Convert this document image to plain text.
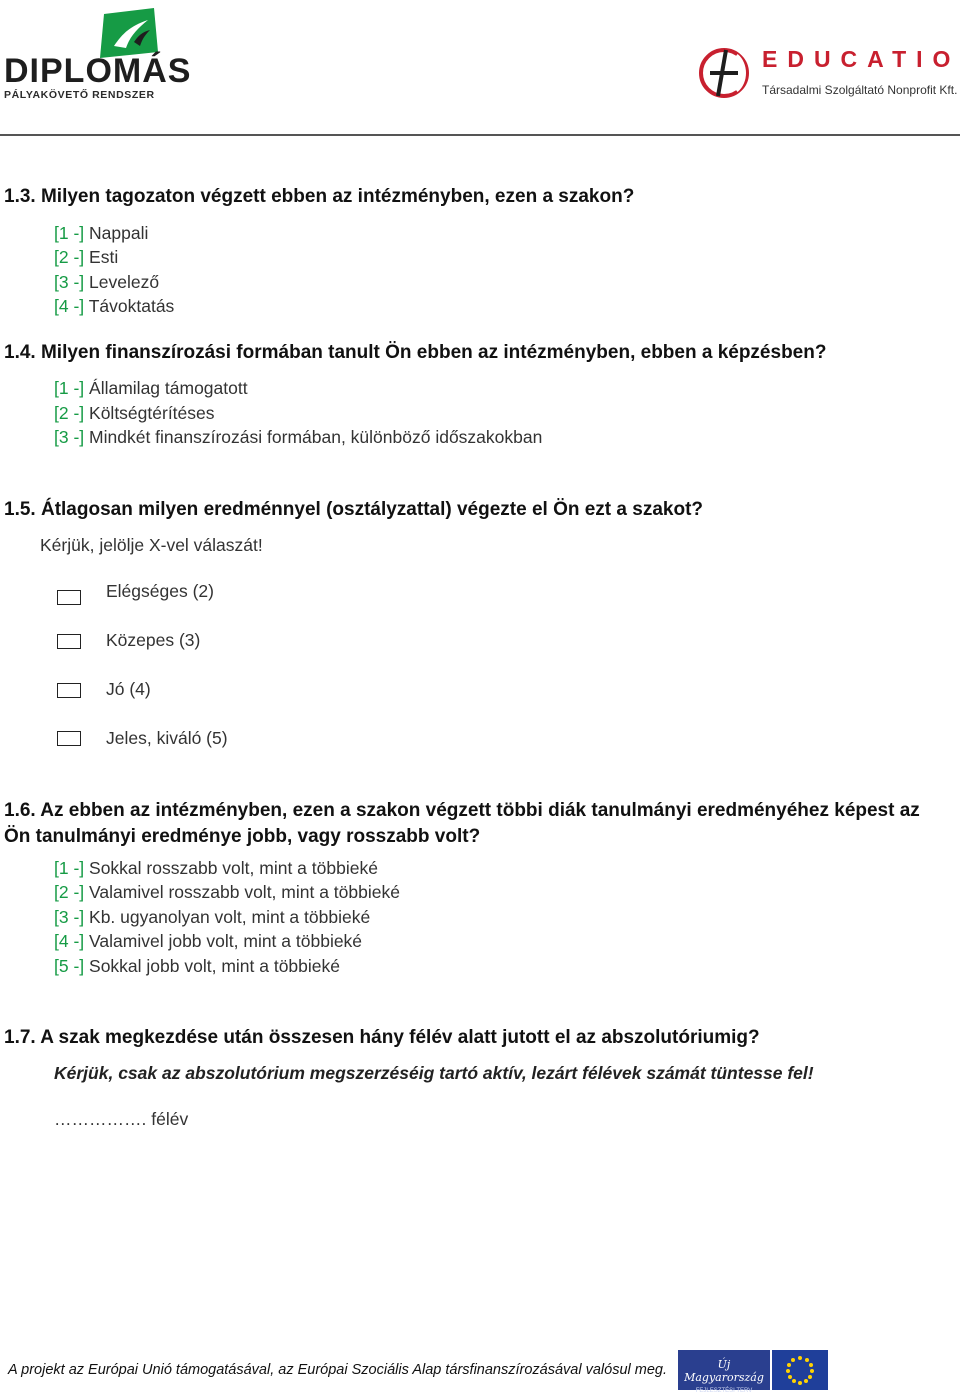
DIPLOMÁS
PÁLYAKÖVETŐ RENDSZER
EDUCATIO
Társadalmi Szolgáltató Nonprofit Kft.
1.3. Milyen tagozaton végzett ebben az intézményben, ezen a szakon?
[1 -] Nappali
[2 -] Esti
[3 -] Levelező
[4 -] Távoktatás
1.4. Milyen finanszírozási formában tanult Ön ebben az intézményben, ebben a képzésben?
[1 -] Államilag támogatott
[2 -] Költségtérítéses
[3 -] Mindkét finanszírozási formában, különböző időszakokban
1.5. Átlagosan milyen eredménnyel (osztályzattal) végezte el Ön ezt a szakot?
Kérjük, jelölje X-vel válaszát!
Elégséges (2)
Közepes (3)
Jó (4)
Jeles, kiváló (5)
1.6. Az ebben az intézményben, ezen a szakon végzett többi diák tanulmányi eredményéhez képest az
Ön tanulmányi eredménye jobb, vagy rosszabb volt?
[1 -] Sokkal rosszabb volt, mint a többieké
[2 -] Valamivel rosszabb volt, mint a többieké
[3 -] Kb. ugyanolyan volt, mint a többieké
[4 -] Valamivel jobb volt, mint a többieké
[5 -] Sokkal jobb volt, mint a többieké
1.7. A szak megkezdése után összesen hány félév alatt jutott el az abszolutóriumig?
Kérjük, csak az abszolutórium megszerzéséig tartó aktív, lezárt félévek számát tüntesse fel!
……………. félév
A projekt az Európai Unió támogatásával, az Európai Szociális Alap társfinanszírozásával valósul meg.	Új Magyarország
FEJLESZTÉSI TERV
